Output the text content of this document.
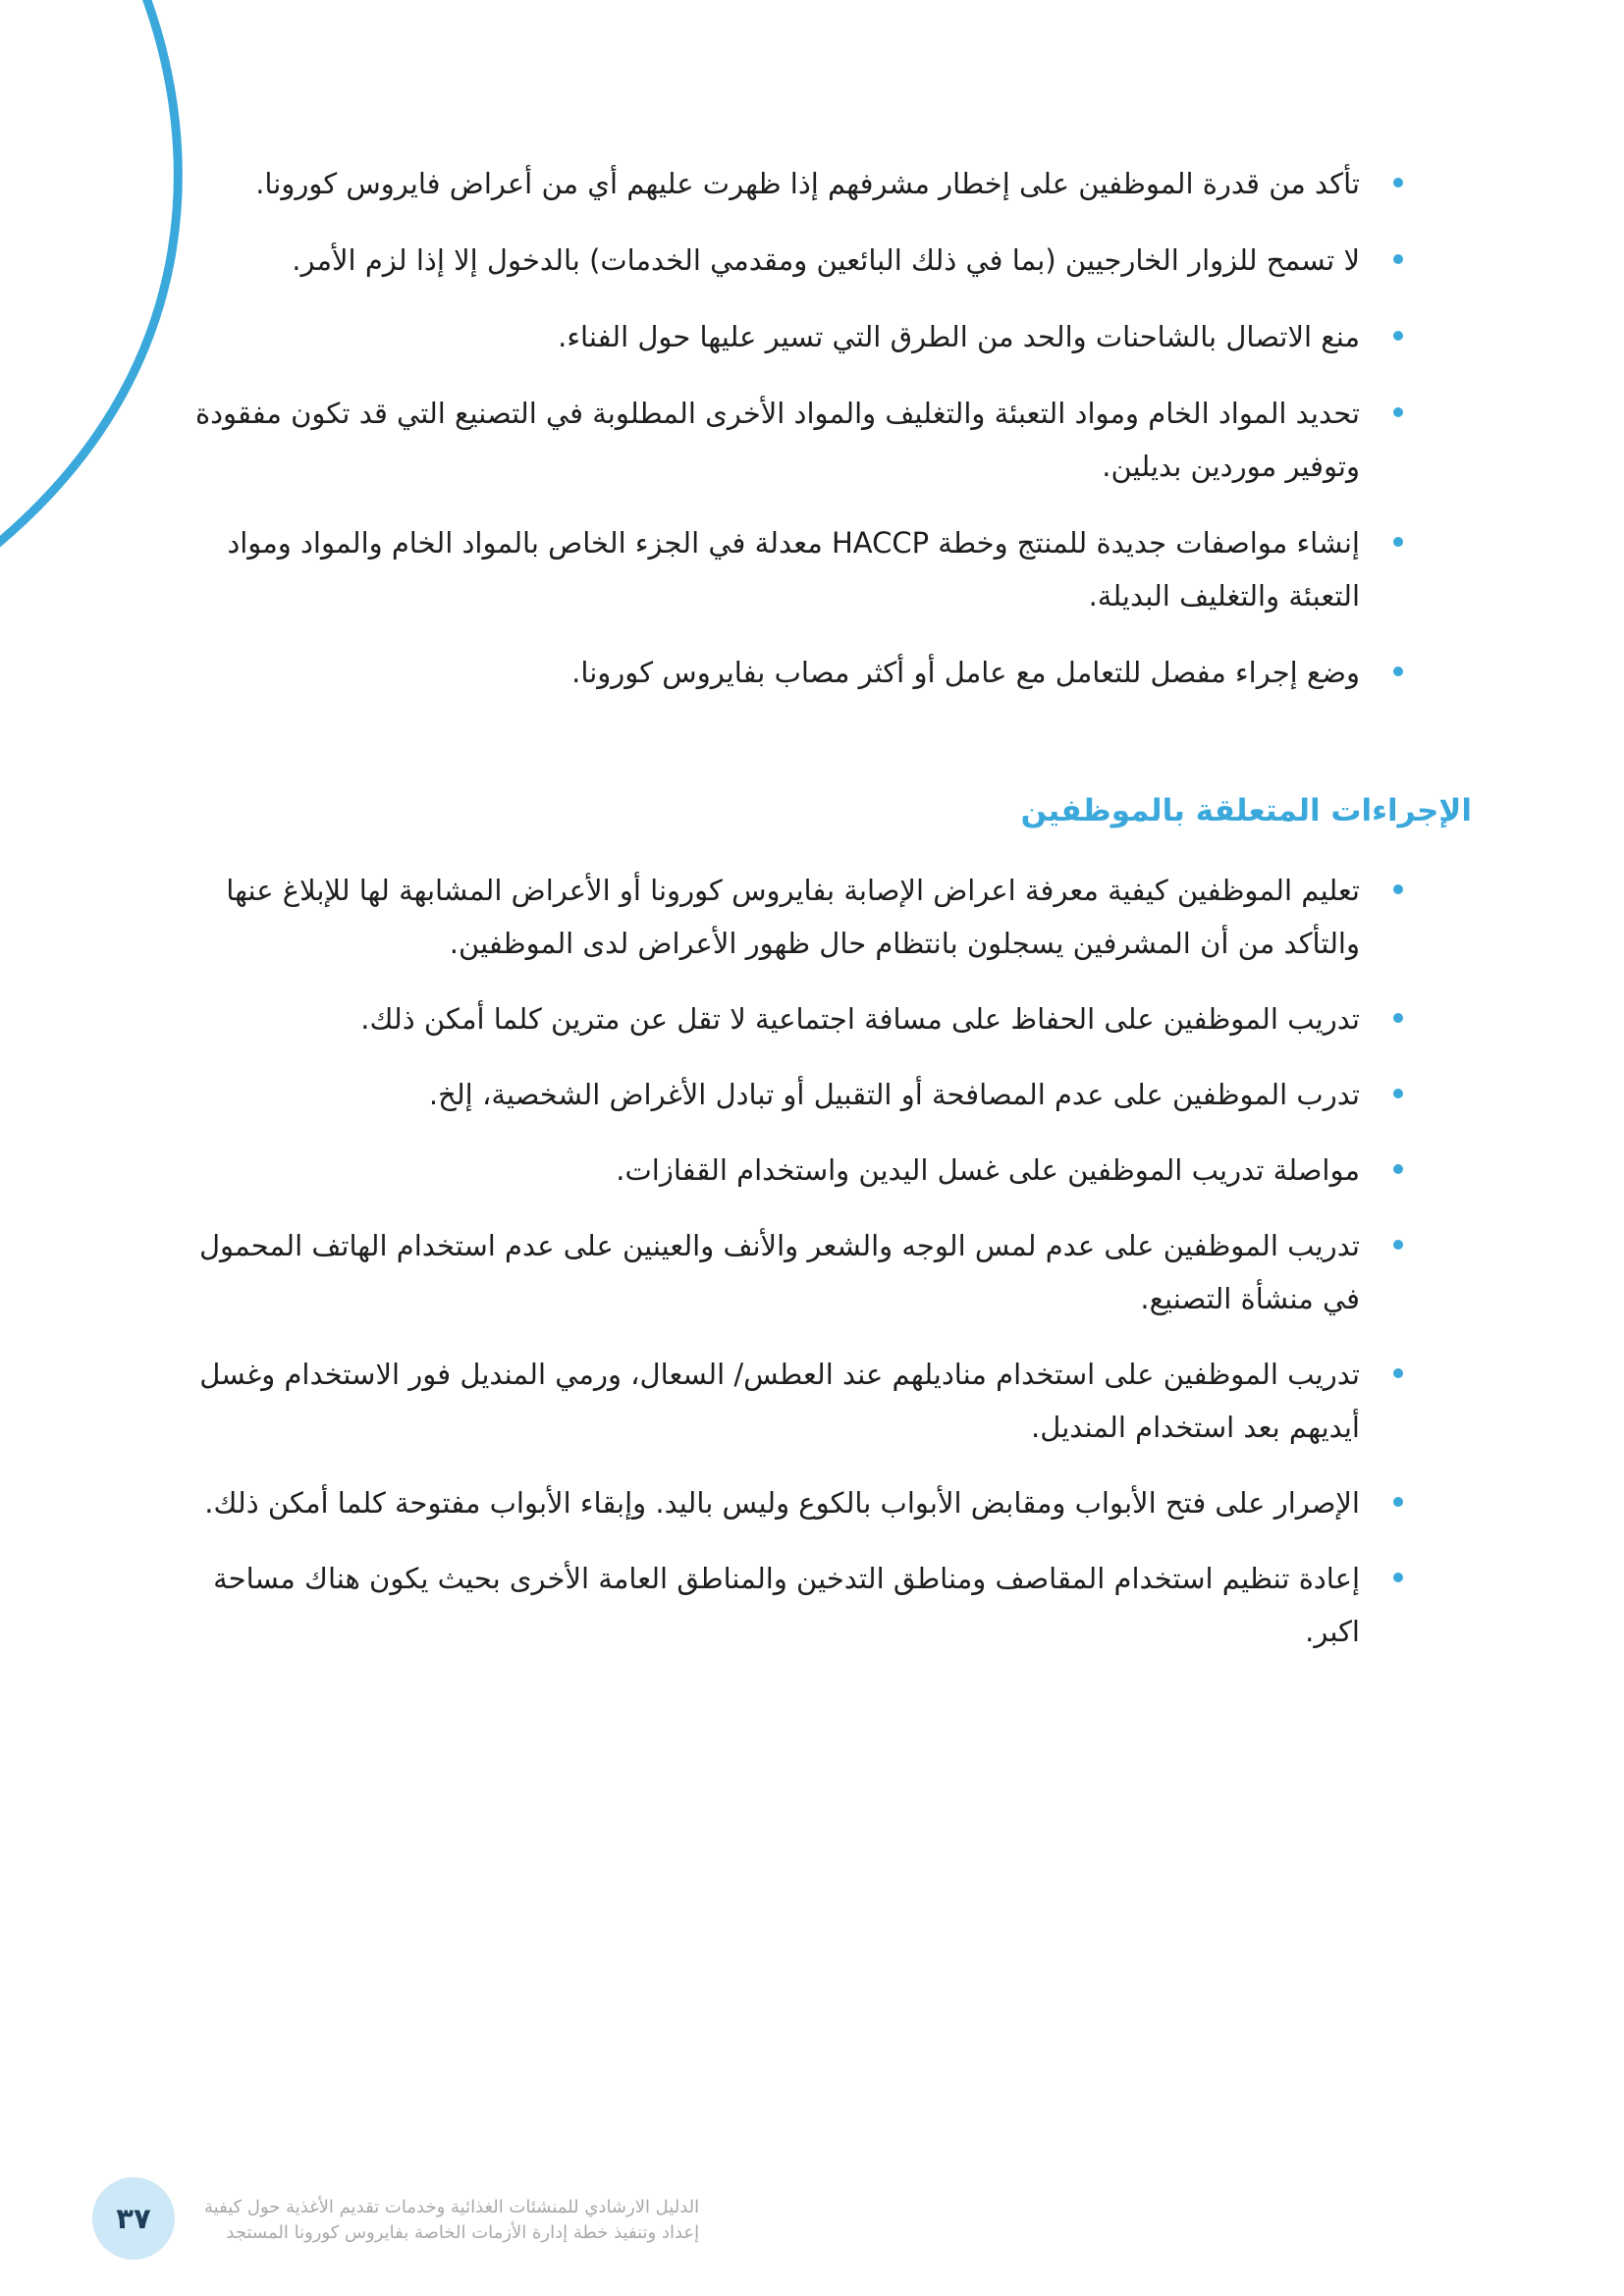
تأكد من قدرة الموظفين على إخطار مشرفهم إذا ظهرت عليهم أي من أعراض فايروس كورونا.
لا تسمح للزوار الخارجيين (بما في ذلك البائعين ومقدمي الخدمات) بالدخول إلا إذا لزم الأمر.
منع الاتصال بالشاحنات والحد من الطرق التي تسير عليها حول الفناء.
تحديد المواد الخام ومواد التعبئة والتغليف والمواد الأخرى المطلوبة في التصنيع التي قد تكون مفقودة وتوفير موردين بديلين.
إنشاء مواصفات جديدة للمنتج وخطة HACCP معدلة في الجزء الخاص بالمواد الخام والمواد ومواد التعبئة والتغليف البديلة.
وضع إجراء مفصل للتعامل مع عامل أو أكثر مصاب بفايروس كورونا.
الإجراءات المتعلقة بالموظفين
تعليم الموظفين كيفية معرفة اعراض الإصابة بفايروس كورونا أو الأعراض المشابهة لها للإبلاغ عنها والتأكد من أن المشرفين يسجلون بانتظام حال ظهور الأعراض لدى الموظفين.
تدريب الموظفين على الحفاظ على مسافة اجتماعية لا تقل عن مترين كلما أمكن ذلك.
تدرب الموظفين على عدم المصافحة أو التقبيل أو تبادل الأغراض الشخصية، إلخ.
مواصلة تدريب الموظفين على غسل اليدين واستخدام القفازات.
تدريب الموظفين على عدم لمس الوجه والشعر والأنف والعينين على عدم استخدام الهاتف المحمول في منشأة التصنيع.
تدريب الموظفين على استخدام مناديلهم عند العطس/ السعال، ورمي المنديل فور الاستخدام وغسل أيديهم بعد استخدام المنديل.
الإصرار على فتح الأبواب ومقابض الأبواب بالكوع وليس باليد. وإبقاء الأبواب مفتوحة كلما أمكن ذلك.
إعادة تنظيم استخدام المقاصف ومناطق التدخين والمناطق العامة الأخرى بحيث يكون هناك مساحة اكبر.
٣٧	الدليل الارشادي للمنشئات الغذائية وخدمات تقديم الأغذية حول كيفية
إعداد وتنفيذ خطة إدارة الأزمات الخاصة بفايروس كورونا المستجد
